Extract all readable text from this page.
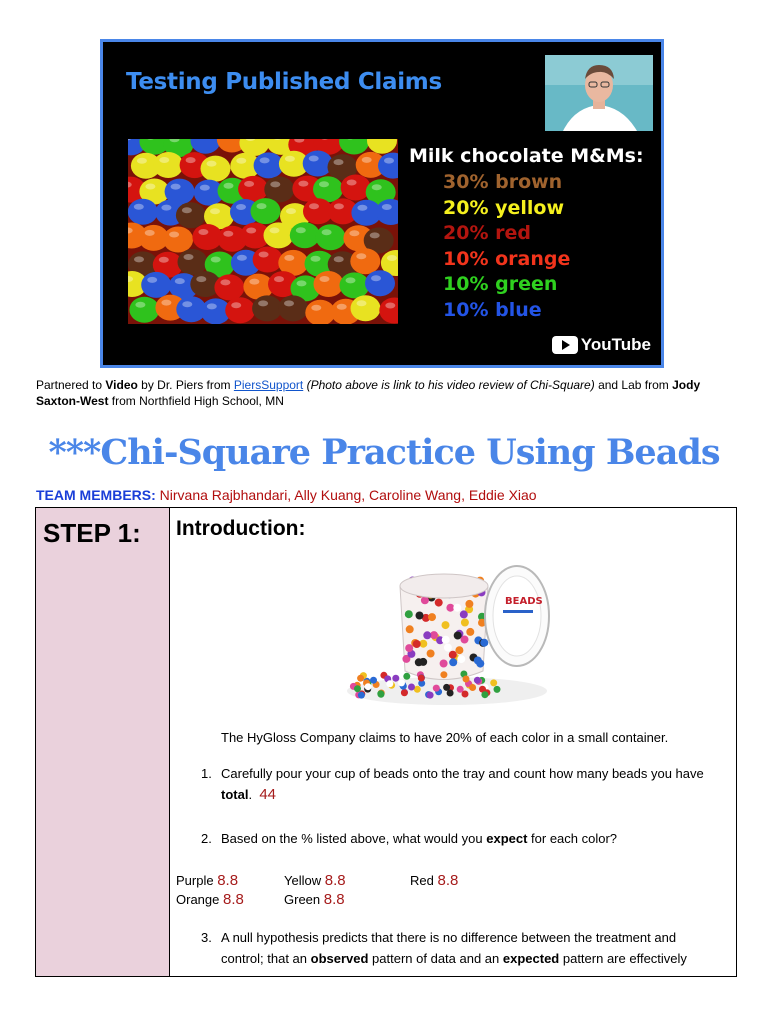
Testing Published Claims
Milk chocolate M&Ms:
30% brown
20% yellow
20% red
10% orange
10% green
10% blue
YouTube
Partnered to Video by Dr. Piers from PiersSupport (Photo above is link to his video review of Chi-Square) and Lab from Jody Saxton-West from Northfield High School, MN
***Chi-Square Practice Using Beads
TEAM MEMBERS: Nirvana Rajbhandari, Ally Kuang, Caroline Wang, Eddie Xiao
STEP 1: Introduction:
BEADS
The HyGloss Company claims to have 20% of each color in a small container.
1. Carefully pour your cup of beads onto the tray and count how many beads you have total. 44
2. Based on the % listed above, what would you expect for each color?
Purple 8.8	Yellow 8.8	Red 8.8
Orange 8.8	Green 8.8
3. A null hypothesis predicts that there is no difference between the treatment and control; that an observed pattern of data and an expected pattern are effectively
